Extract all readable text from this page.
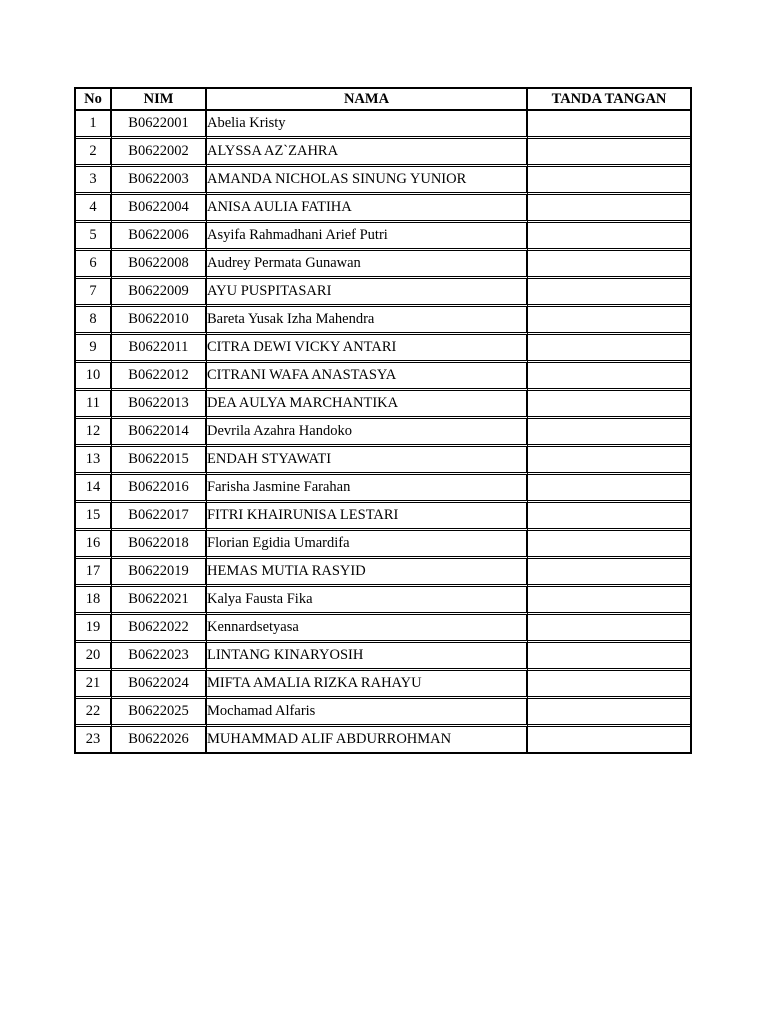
No	NIM	NAMA	TANDA TANGAN
1	B0622001	Abelia Kristy	
2	B0622002	ALYSSA AZ`ZAHRA	
3	B0622003	AMANDA NICHOLAS SINUNG YUNIOR	
4	B0622004	ANISA AULIA FATIHA	
5	B0622006	Asyifa Rahmadhani Arief Putri	
6	B0622008	Audrey Permata Gunawan	
7	B0622009	AYU PUSPITASARI	
8	B0622010	Bareta Yusak Izha Mahendra	
9	B0622011	CITRA DEWI VICKY ANTARI	
10	B0622012	CITRANI WAFA ANASTASYA	
11	B0622013	DEA AULYA MARCHANTIKA	
12	B0622014	Devrila Azahra Handoko	
13	B0622015	ENDAH STYAWATI	
14	B0622016	Farisha Jasmine Farahan	
15	B0622017	FITRI KHAIRUNISA LESTARI	
16	B0622018	Florian Egidia Umardifa	
17	B0622019	HEMAS MUTIA RASYID	
18	B0622021	Kalya Fausta Fika	
19	B0622022	Kennardsetyasa	
20	B0622023	LINTANG KINARYOSIH	
21	B0622024	MIFTA AMALIA RIZKA RAHAYU	
22	B0622025	Mochamad Alfaris	
23	B0622026	MUHAMMAD ALIF ABDURROHMAN	
